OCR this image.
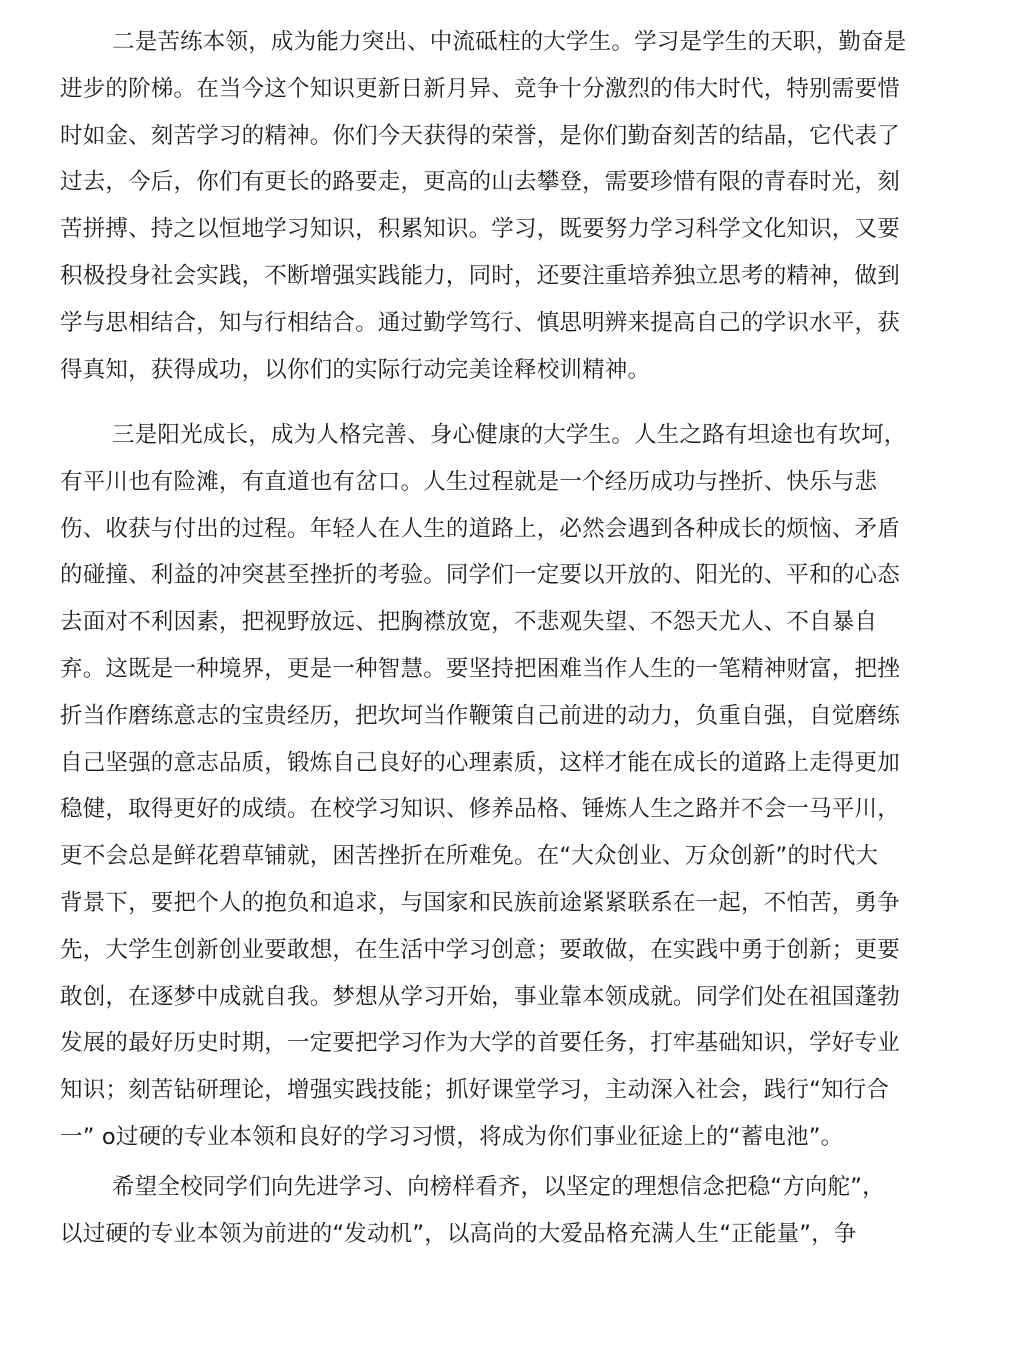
二是苦练本领，成为能力突出、中流砥柱的大学生。学习是学生的天职，勤奋是
进步的阶梯。在当今这个知识更新日新月异、竞争十分激烈的伟大时代，特别需要惜
时如金、刻苦学习的精神。你们今天获得的荣誉，是你们勤奋刻苦的结晶，它代表了
过去，今后，你们有更长的路要走，更高的山去攀登，需要珍惜有限的青春时光，刻
苦拼搏、持之以恒地学习知识，积累知识。学习，既要努力学习科学文化知识，又要
积极投身社会实践，不断增强实践能力，同时，还要注重培养独立思考的精神，做到
学与思相结合，知与行相结合。通过勤学笃行、慎思明辨来提高自己的学识水平，获
得真知，获得成功，以你们的实际行动完美诠释校训精神。

三是阳光成长，成为人格完善、身心健康的大学生。人生之路有坦途也有坎坷，
有平川也有险滩，有直道也有岔口。人生过程就是一个经历成功与挫折、快乐与悲
伤、收获与付出的过程。年轻人在人生的道路上，必然会遇到各种成长的烦恼、矛盾
的碰撞、利益的冲突甚至挫折的考验。同学们一定要以开放的、阳光的、平和的心态
去面对不利因素，把视野放远、把胸襟放宽，不悲观失望、不怨天尤人、不自暴自
弃。这既是一种境界，更是一种智慧。要坚持把困难当作人生的一笔精神财富，把挫
折当作磨练意志的宝贵经历，把坎坷当作鞭策自己前进的动力，负重自强，自觉磨练
自己坚强的意志品质，锻炼自己良好的心理素质，这样才能在成长的道路上走得更加
稳健，取得更好的成绩。在校学习知识、修养品格、锤炼人生之路并不会一马平川，
更不会总是鲜花碧草铺就，困苦挫折在所难免。在“大众创业、万众创新”的时代大
背景下，要把个人的抱负和追求，与国家和民族前途紧紧联系在一起，不怕苦，勇争
先，大学生创新创业要敢想，在生活中学习创意；要敢做，在实践中勇于创新；更要
敢创，在逐梦中成就自我。梦想从学习开始，事业靠本领成就。同学们处在祖国蓬勃
发展的最好历史时期，一定要把学习作为大学的首要任务，打牢基础知识，学好专业
知识；刻苦钻研理论，增强实践技能；抓好课堂学习，主动深入社会，践行“知行合
一” o过硬的专业本领和良好的学习习惯，将成为你们事业征途上的“蓄电池”。

希望全校同学们向先进学习、向榜样看齐，以坚定的理想信念把稳“方向舵”，
以过硬的专业本领为前进的“发动机”，以高尚的大爱品格充满人生“正能量”，争
